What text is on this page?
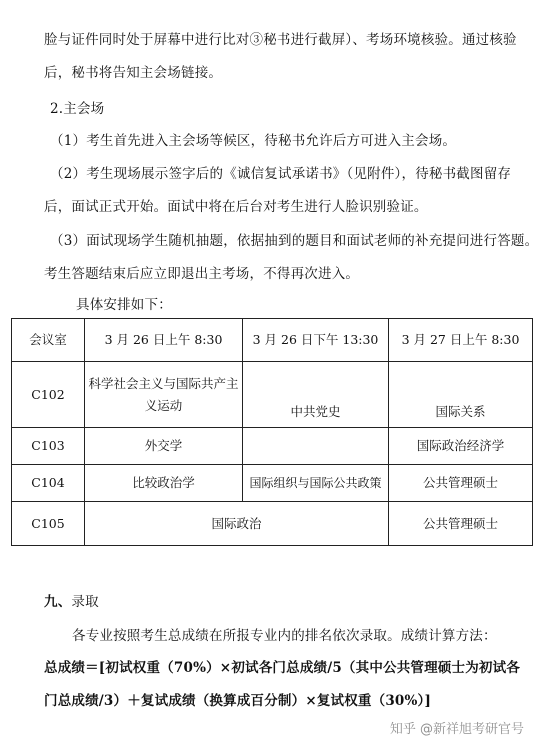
脸与证件同时处于屏幕中进行比对③秘书进行截屏）、考场环境核验。通过核验
后，秘书将告知主会场链接。
2.主会场
（1）考生首先进入主会场等候区，待秘书允许后方可进入主会场。
（2）考生现场展示签字后的《诚信复试承诺书》（见附件），待秘书截图留存
后，面试正式开始。面试中将在后台对考生进行人脸识别验证。
（3）面试现场学生随机抽题，依据抽到的题目和面试老师的补充提问进行答题。
考生答题结束后应立即退出主考场，不得再次进入。
具体安排如下：
会议室	3 月 26 日上午 8:30	3 月 26 日下午 13:30	3 月 27 日上午 8:30
C102	科学社会主义与国际共产主
义运动	中共党史	国际关系
C103	外交学		国际政治经济学
C104	比较政治学	国际组织与国际公共政策	公共管理硕士
C105	国际政治		公共管理硕士
九、录取
各专业按照考生总成绩在所报专业内的排名依次录取。成绩计算方法：
总成绩＝[初试权重（70%）×初试各门总成绩/5（其中公共管理硕士为初试各
门总成绩/3）＋复试成绩（换算成百分制）×复试权重（30%）]
知乎 @新祥旭考研官号
